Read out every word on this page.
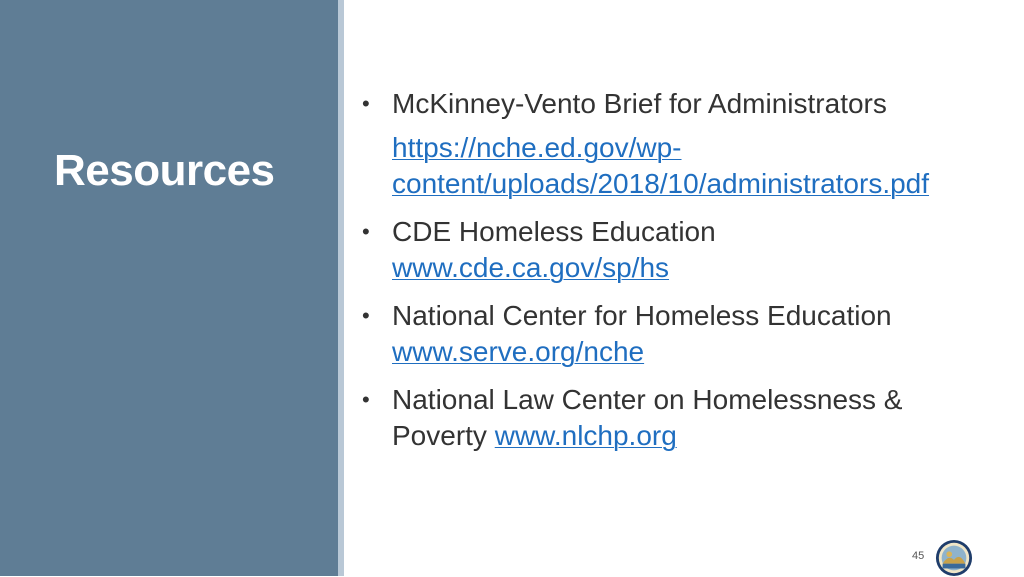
Resources
• McKinney-Vento Brief for Administrators
https://nche.ed.gov/wp-
content/uploads/2018/10/administrators.pdf
• CDE Homeless Education
www.cde.ca.gov/sp/hs
• National Center for Homeless Education
www.serve.org/nche
• National Law Center on Homelessness &
Poverty www.nlchp.org
45
